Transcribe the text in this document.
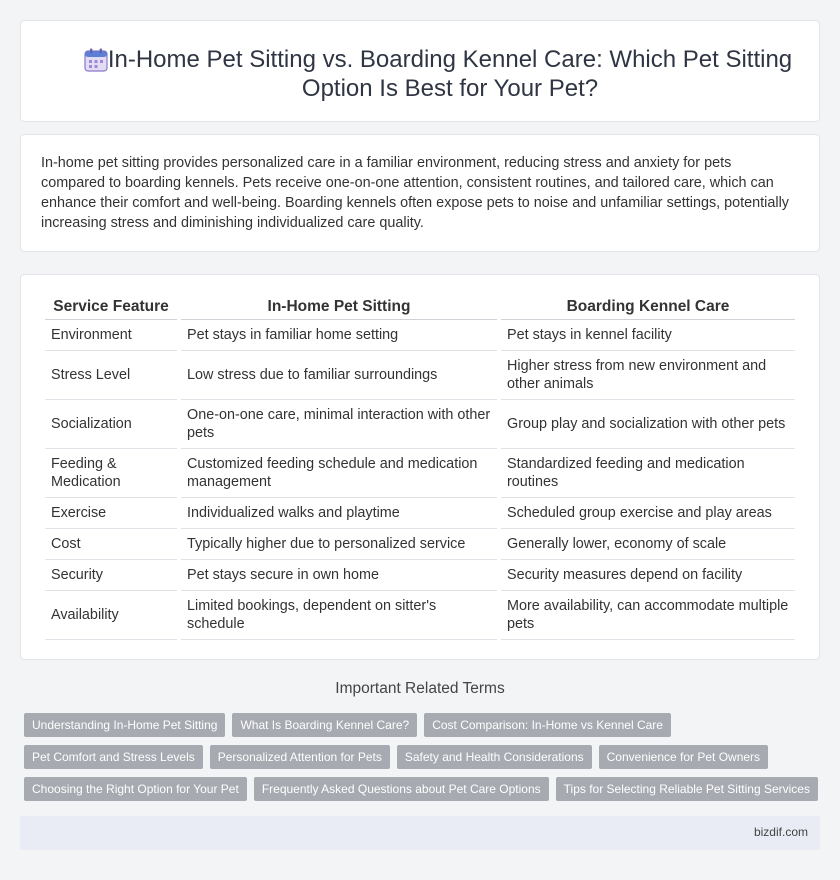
In-Home Pet Sitting vs. Boarding Kennel Care: Which Pet Sitting Option Is Best for Your Pet?

In-home pet sitting provides personalized care in a familiar environment, reducing stress and anxiety for pets compared to boarding kennels. Pets receive one-on-one attention, consistent routines, and tailored care, which can enhance their comfort and well-being. Boarding kennels often expose pets to noise and unfamiliar settings, potentially increasing stress and diminishing individualized care quality.

Service Feature	In-Home Pet Sitting	Boarding Kennel Care
Environment	Pet stays in familiar home setting	Pet stays in kennel facility
Stress Level	Low stress due to familiar surroundings	Higher stress from new environment and other animals
Socialization	One-on-one care, minimal interaction with other pets	Group play and socialization with other pets
Feeding & Medication	Customized feeding schedule and medication management	Standardized feeding and medication routines
Exercise	Individualized walks and playtime	Scheduled group exercise and play areas
Cost	Typically higher due to personalized service	Generally lower, economy of scale
Security	Pet stays secure in own home	Security measures depend on facility
Availability	Limited bookings, dependent on sitter's schedule	More availability, can accommodate multiple pets
Important Related Terms
Understanding In-Home Pet Sitting	What Is Boarding Kennel Care?	Cost Comparison: In-Home vs Kennel Care
Pet Comfort and Stress Levels	Personalized Attention for Pets	Safety and Health Considerations	Convenience for Pet Owners
Choosing the Right Option for Your Pet	Frequently Asked Questions about Pet Care Options	Tips for Selecting Reliable Pet Sitting Services
bizdif.com
